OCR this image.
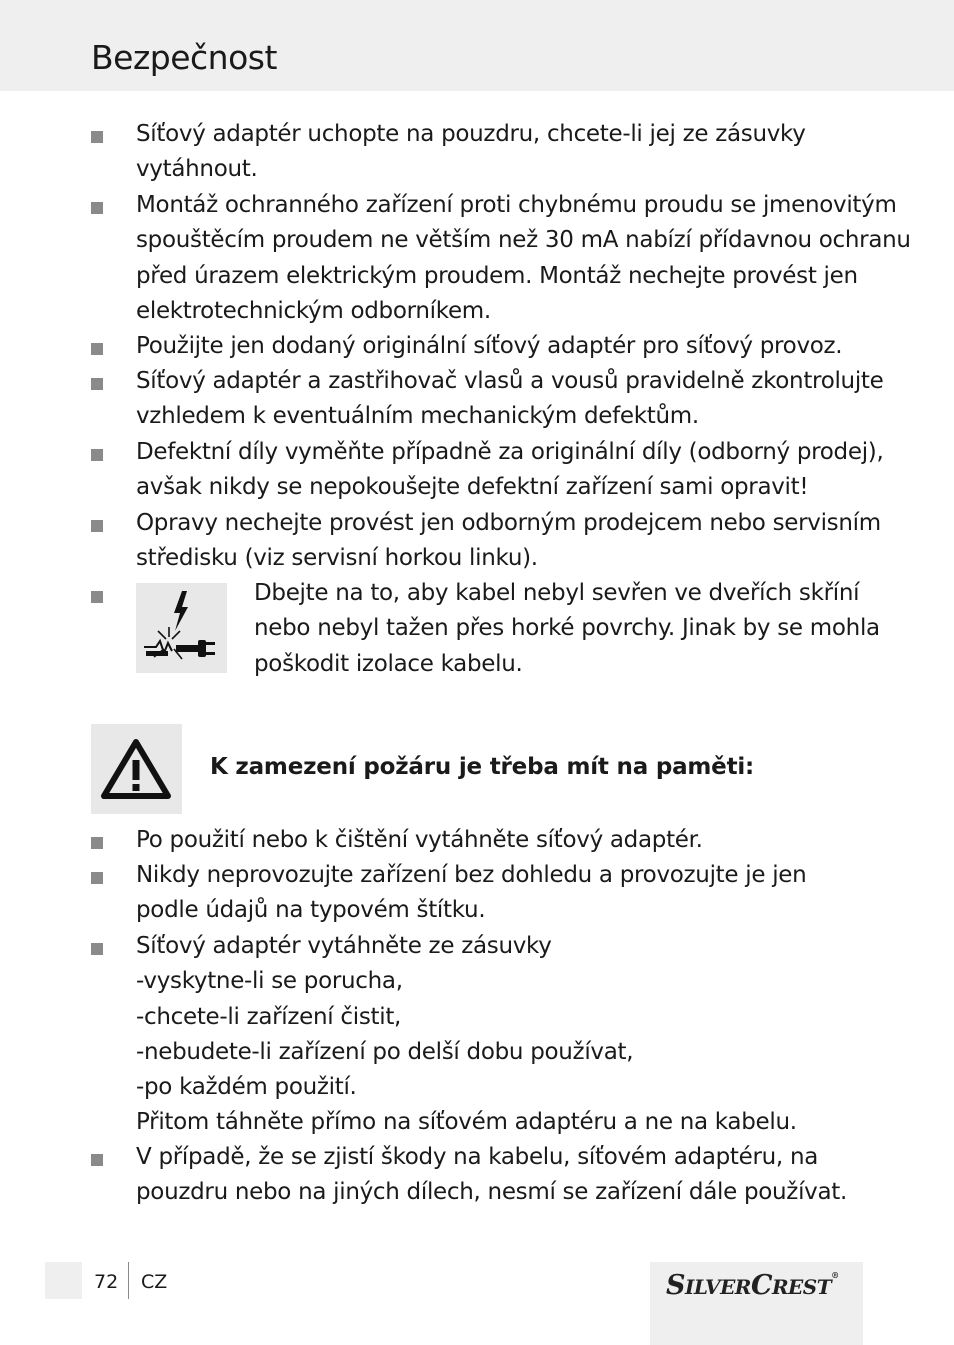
Bezpečnost
Síťový adaptér uchopte na pouzdru, chcete-li jej ze zásuvky
vytáhnout.
Montáž ochranného zařízení proti chybnému proudu se jmenovitým
spouštěcím proudem ne větším než 30 mA nabízí přídavnou ochranu
před úrazem elektrickým proudem. Montáž nechejte provést jen
elektrotechnickým odborníkem.
Použijte jen dodaný originální síťový adaptér pro síťový provoz.
Síťový adaptér a zastřihovač vlasů a vousů pravidelně zkontrolujte
vzhledem k eventuálním mechanickým defektům.
Defektní díly vyměňte případně za originální díly (odborný prodej),
avšak nikdy se nepokoušejte defektní zařízení sami opravit!
Opravy nechejte provést jen odborným prodejcem nebo servisním
středisku (viz servisní horkou linku).
Dbejte na to, aby kabel nebyl sevřen ve dveřích skříní
nebo nebyl tažen přes horké povrchy. Jinak by se mohla
poškodit izolace kabelu.
K zamezení požáru je třeba mít na paměti:
Po použití nebo k čištění vytáhněte síťový adaptér.
Nikdy neprovozujte zařízení bez dohledu a provozujte je jen
podle údajů na typovém štítku.
Síťový adaptér vytáhněte ze zásuvky
-vyskytne-li se porucha,
-chcete-li zařízení čistit,
-nebudete-li zařízení po delší dobu používat,
-po každém použití.
Přitom táhněte přímo na síťovém adaptéru a ne na kabelu.
V případě, že se zjistí škody na kabelu, síťovém adaptéru, na
pouzdru nebo na jiných dílech, nesmí se zařízení dále používat.
72 CZ	SILVERCREST®
